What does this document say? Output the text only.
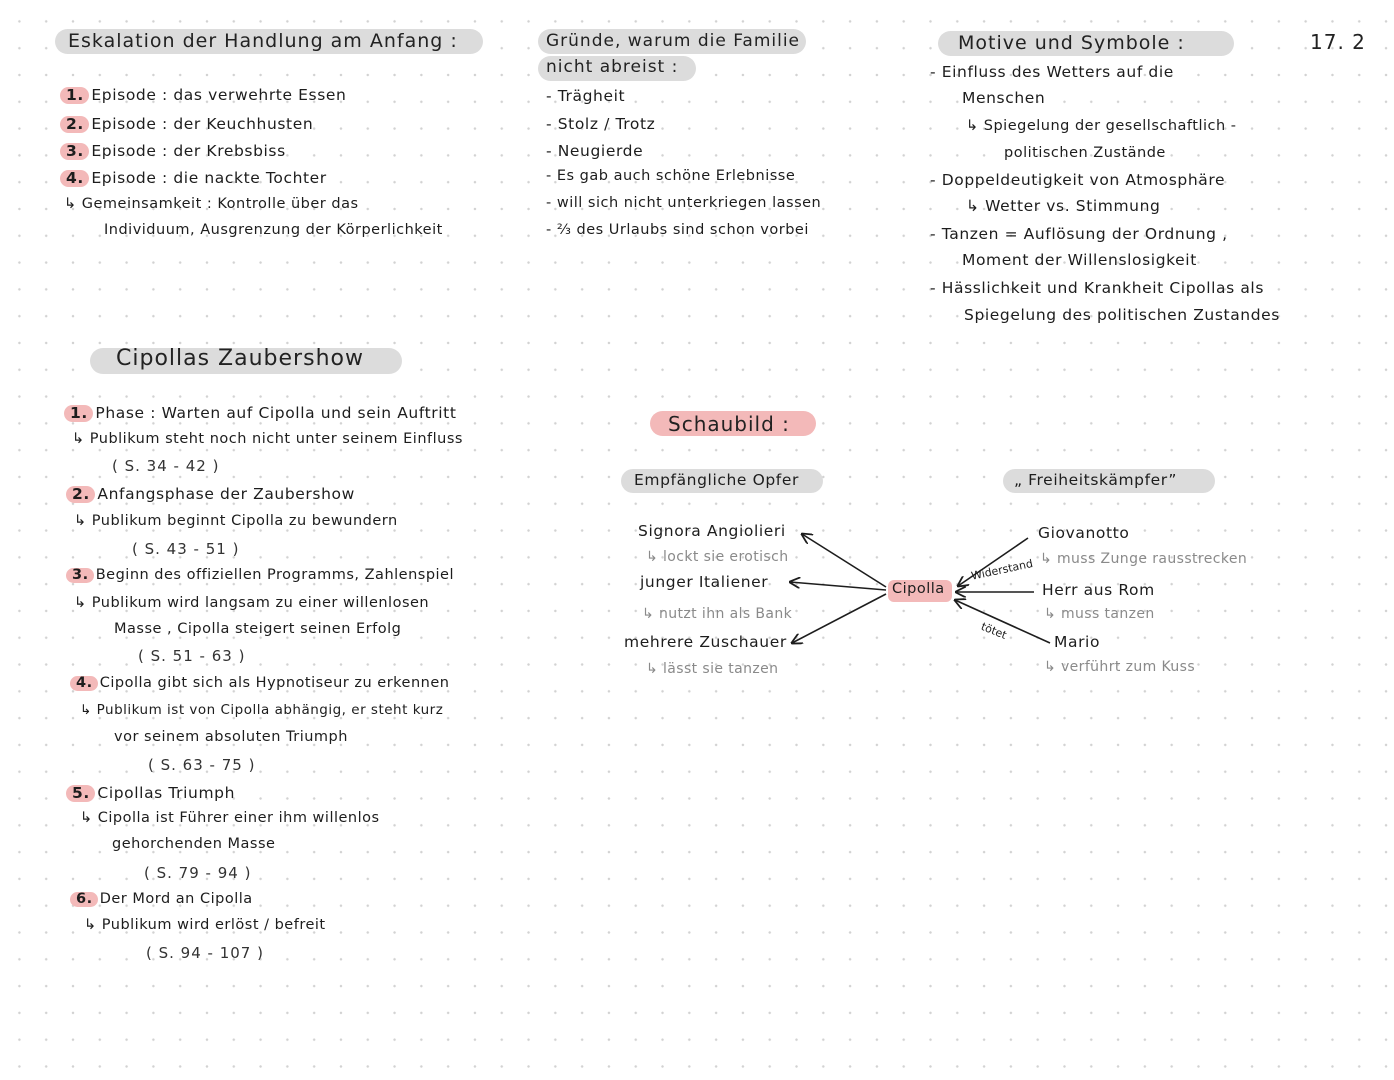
17. 2
Eskalation der Handlung am Anfang :
1. Episode : das verwehrte Essen
2. Episode : der Keuchhusten
3. Episode : der Krebsbiss
4. Episode : die nackte Tochter
↳ Gemeinsamkeit : Kontrolle über das
Individuum, Ausgrenzung der Körperlichkeit
Gründe, warum die Familie
nicht abreist :
- Trägheit
- Stolz / Trotz
- Neugierde
- Es gab auch schöne Erlebnisse
- will sich nicht unterkriegen lassen
- ⅔ des Urlaubs sind schon vorbei
Motive und Symbole :
- Einfluss des Wetters auf die
Menschen
↳ Spiegelung der gesellschaftlich -
politischen Zustände
- Doppeldeutigkeit von Atmosphäre
↳ Wetter vs. Stimmung
- Tanzen = Auflösung der Ordnung ,
Moment der Willenslosigkeit
- Hässlichkeit und Krankheit Cipollas als
Spiegelung des politischen Zustandes
Cipollas Zaubershow
1. Phase : Warten auf Cipolla und sein Auftritt
↳ Publikum steht noch nicht unter seinem Einfluss
( S. 34 - 42 )
2. Anfangsphase der Zaubershow
↳ Publikum beginnt Cipolla zu bewundern
( S. 43 - 51 )
3. Beginn des offiziellen Programms, Zahlenspiel
↳ Publikum wird langsam zu einer willenlosen
Masse , Cipolla steigert seinen Erfolg
( S. 51 - 63 )
4. Cipolla gibt sich als Hypnotiseur zu erkennen
↳ Publikum ist von Cipolla abhängig, er steht kurz
vor seinem absoluten Triumph
( S. 63 - 75 )
5. Cipollas Triumph
↳ Cipolla ist Führer einer ihm willenlos
gehorchenden Masse
( S. 79 - 94 )
6. Der Mord an Cipolla
↳ Publikum wird erlöst / befreit
( S. 94 - 107 )
Schaubild :
Empfängliche Opfer	„ Freiheitskämpfer”
Cipolla
Widerstand
tötet
Signora Angiolieri
↳ lockt sie erotisch
junger Italiener
↳ nutzt ihn als Bank
mehrere Zuschauer
↳ lässt sie tanzen
Giovanotto
↳ muss Zunge rausstrecken
Herr aus Rom
↳ muss tanzen
Mario
↳ verführt zum Kuss
